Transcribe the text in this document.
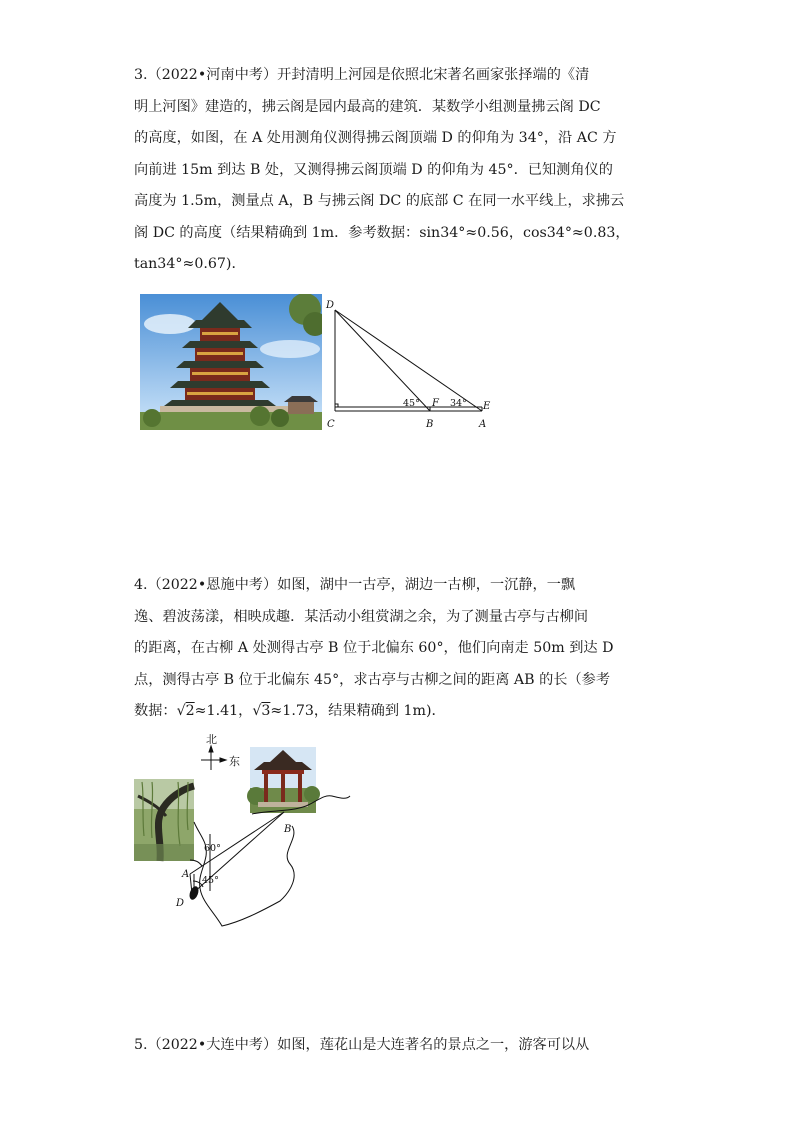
3.（2022•河南中考）开封清明上河园是依照北宋著名画家张择端的《清
明上河图》建造的，拂云阁是园内最高的建筑．某数学小组测量拂云阁 DC
的高度，如图，在 A 处用测角仪测得拂云阁顶端 D 的仰角为 34°，沿 AC 方
向前进 15m 到达 B 处，又测得拂云阁顶端 D 的仰角为 45°．已知测角仪的
高度为 1.5m，测量点 A，B 与拂云阁 DC 的底部 C 在同一水平线上，求拂云
阁 DC 的高度（结果精确到 1m．参考数据：sin34°≈0.56，cos34°≈0.83，
tan34°≈0.67)．
D
C	B	A
F	E
45°	34°
4.（2022•恩施中考）如图，湖中一古亭，湖边一古柳，一沉静，一飘
逸、碧波荡漾，相映成趣．某活动小组赏湖之余，为了测量古亭与古柳间
的距离，在古柳 A 处测得古亭 B 位于北偏东 60°，他们向南走 50m 到达 D
点，测得古亭 B 位于北偏东 45°，求古亭与古柳之间的距离 AB 的长（参考
数据：√2≈1.41，√3≈1.73，结果精确到 1m)．
北
东
60°
45°
A
B
D
5.（2022•大连中考）如图，莲花山是大连著名的景点之一，游客可以从
